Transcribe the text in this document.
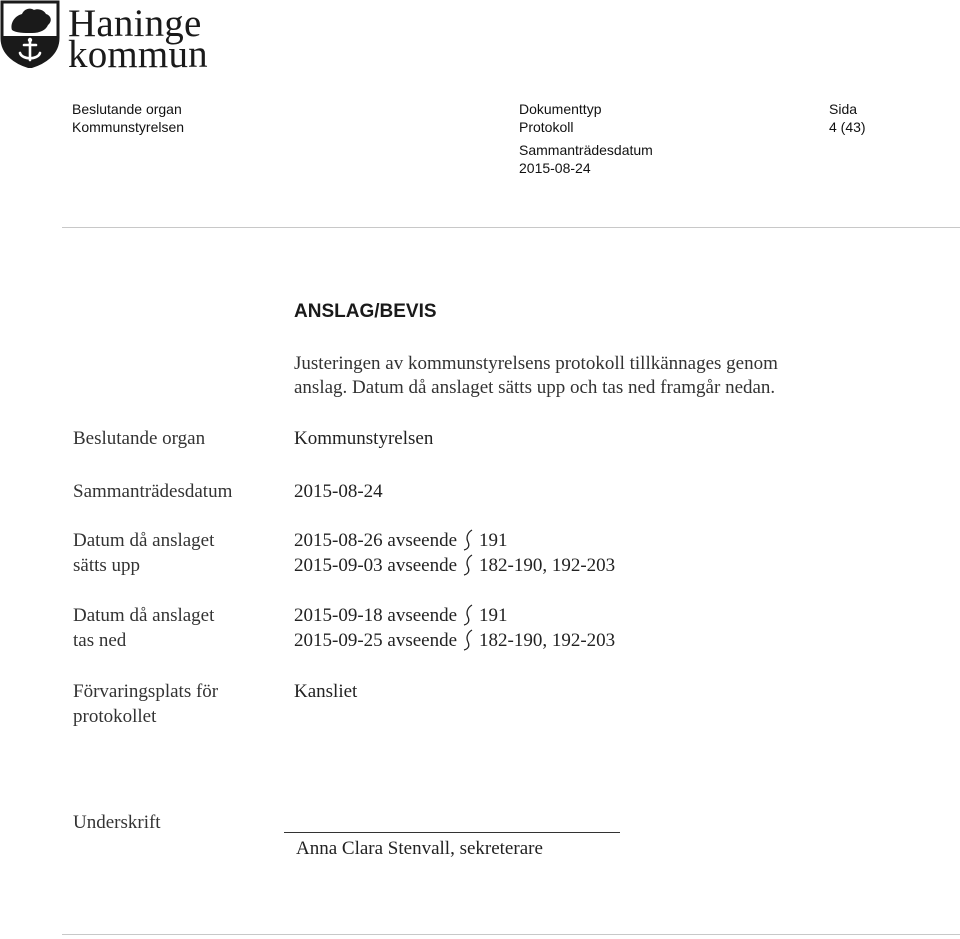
Haninge
kommun
Beslutande organ
Kommunstyrelsen
Dokumenttyp
Protokoll
Sida
4 (43)
Sammanträdesdatum
2015-08-24
ANSLAG/BEVIS
Justeringen av kommunstyrelsens protokoll tillkännages genom
anslag. Datum då anslaget sätts upp och tas ned framgår nedan.
Beslutande organ	Kommunstyrelsen
Sammanträdesdatum	2015-08-24
Datum då anslaget
sätts upp
2015-08-26 avseende 191
2015-09-03 avseende 182-190, 192-203
Datum då anslaget
tas ned
2015-09-18 avseende 191
2015-09-25 avseende 182-190, 192-203
Förvaringsplats för
protokollet
Kansliet
Underskrift
Anna Clara Stenvall, sekreterare
